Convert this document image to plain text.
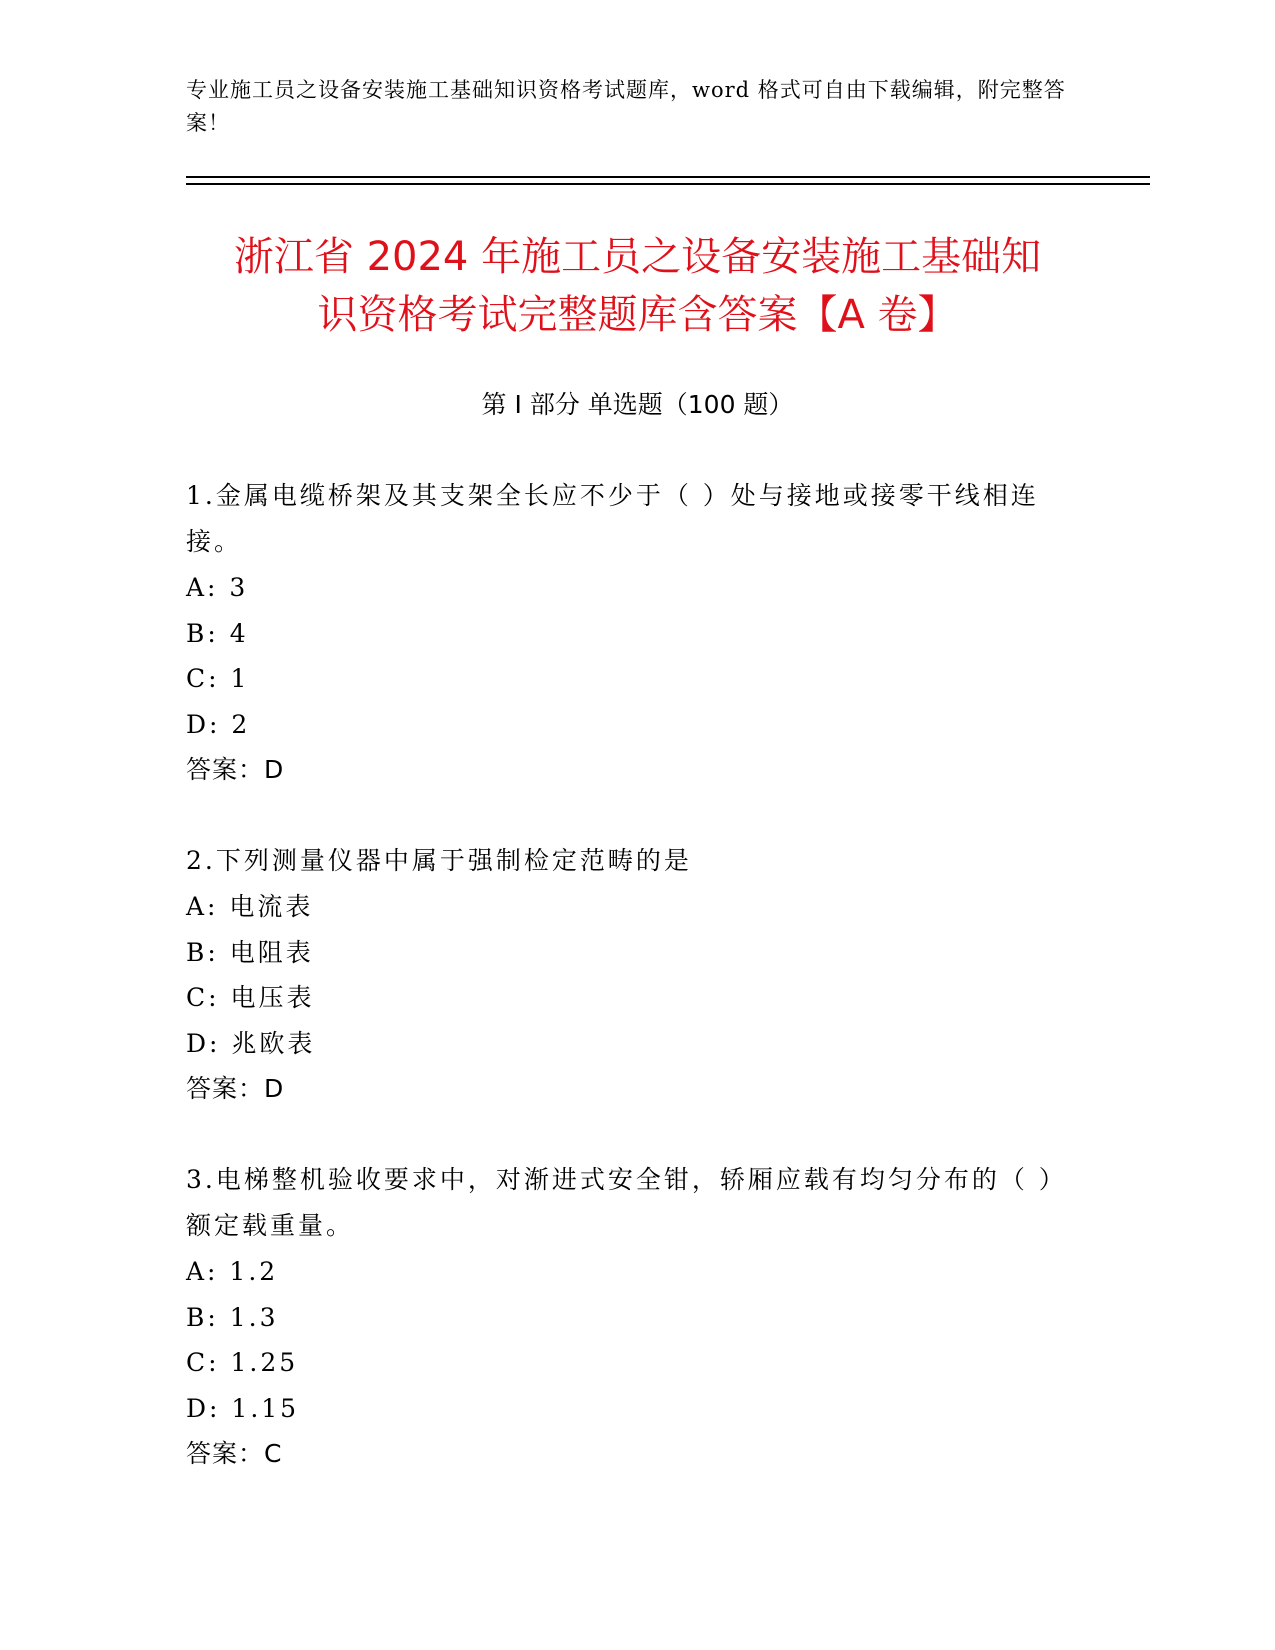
专业施工员之设备安装施工基础知识资格考试题库，word 格式可自由下载编辑，附完整答案！
浙江省 2024 年施工员之设备安装施工基础知
识资格考试完整题库含答案【A 卷】
第 I 部分 单选题（100 题）
1.金属电缆桥架及其支架全长应不少于（ ）处与接地或接零干线相连接。
A: 3
B: 4
C: 1
D: 2
答案：D
2.下列测量仪器中属于强制检定范畴的是
A: 电流表
B: 电阻表
C: 电压表
D: 兆欧表
答案：D
3.电梯整机验收要求中，对渐进式安全钳，轿厢应载有均匀分布的（ ）额定载重量。
A: 1.2
B: 1.3
C: 1.25
D: 1.15
答案：C
